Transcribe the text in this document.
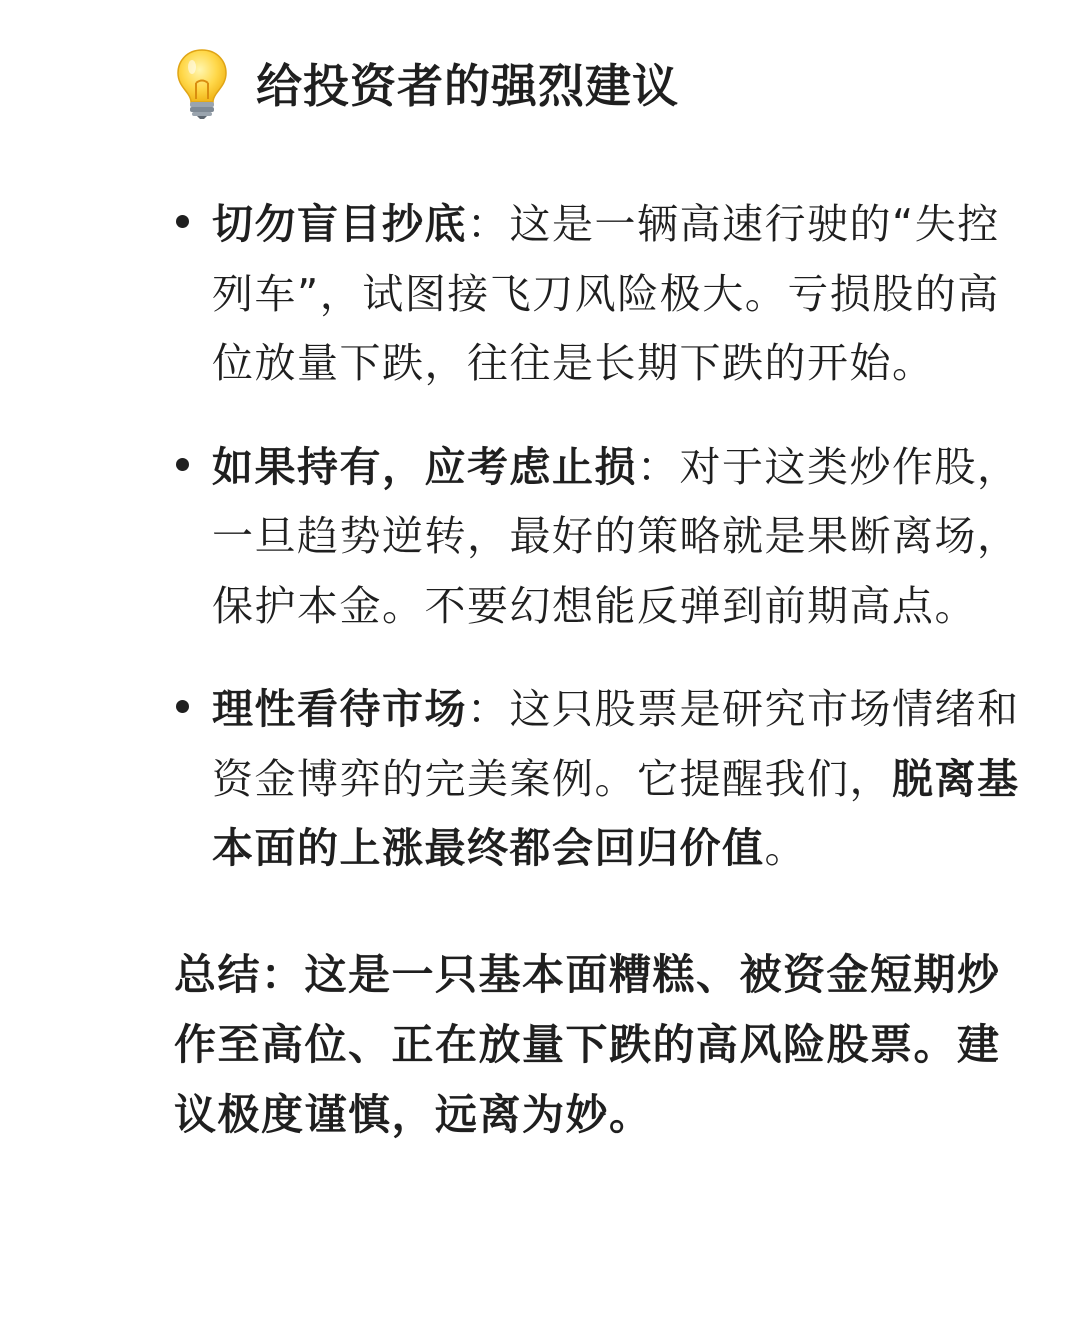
给投资者的强烈建议
切勿盲目抄底：这是一辆高速行驶的“失控列车”，试图接飞刀风险极大。亏损股的高位放量下跌，往往是长期下跌的开始。
如果持有，应考虑止损：对于这类炒作股，一旦趋势逆转，最好的策略就是果断离场，保护本金。不要幻想能反弹到前期高点。
理性看待市场：这只股票是研究市场情绪和资金博弈的完美案例。它提醒我们，脱离基本面的上涨最终都会回归价值。
总结：这是一只基本面糟糕、被资金短期炒作至高位、正在放量下跌的高风险股票。建议极度谨慎，远离为妙。
